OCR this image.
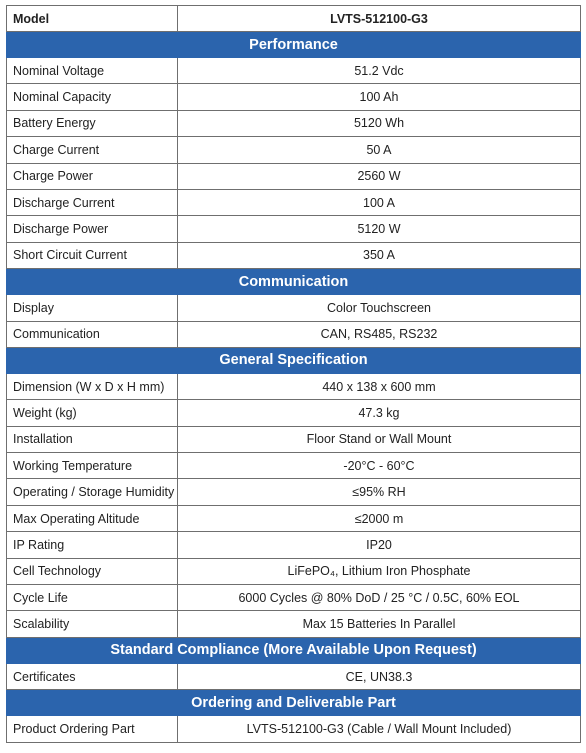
Model	LVTS-512100-G3
Performance	
Nominal Voltage	51.2 Vdc
Nominal Capacity	100 Ah
Battery Energy	5120 Wh
Charge Current	50 A
Charge Power	2560 W
Discharge Current	100 A
Discharge Power	5120 W
Short Circuit Current	350 A
Communication	
Display	Color Touchscreen
Communication	CAN, RS485, RS232
General Specification	
Dimension (W x D x H mm)	440 x 138 x 600 mm
Weight (kg)	47.3 kg
Installation	Floor Stand or Wall Mount
Working Temperature	-20°C - 60°C
Operating / Storage Humidity	≤95% RH
Max Operating Altitude	≤2000 m
IP Rating	IP20
Cell Technology	LiFePO₄, Lithium Iron Phosphate
Cycle Life	6000 Cycles @ 80% DoD / 25 °C / 0.5C, 60% EOL
Scalability	Max 15 Batteries In Parallel
Standard Compliance (More Available Upon Request)	
Certificates	CE, UN38.3
Ordering and Deliverable Part	
Product Ordering Part	LVTS-512100-G3 (Cable / Wall Mount Included)
